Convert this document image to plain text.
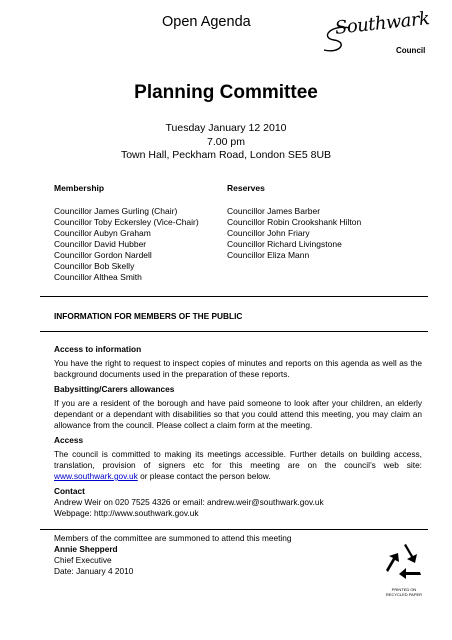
Open Agenda	Southwark
Council
Planning Committee
Tuesday January 12 2010
7.00 pm
Town Hall, Peckham Road, London SE5 8UB
Membership	Reserves
Councillor James Gurling (Chair)
Councillor Toby Eckersley (Vice-Chair)
Councillor Aubyn Graham
Councillor David Hubber
Councillor Gordon Nardell
Councillor Bob Skelly
Councillor Althea Smith
Councillor James Barber
Councillor Robin Crookshank Hilton
Councillor John Friary
Councillor Richard Livingstone
Councillor Eliza Mann
INFORMATION FOR MEMBERS OF THE PUBLIC
Access to information
You have the right to request to inspect copies of minutes and reports on this agenda as well as the background documents used in the preparation of these reports.
Babysitting/Carers allowances
If you are a resident of the borough and have paid someone to look after your children, an elderly dependant or a dependant with disabilities so that you could attend this meeting, you may claim an allowance from the council. Please collect a claim form at the meeting.
Access
The council is committed to making its meetings accessible. Further details on building access, translation, provision of signers etc for this meeting are on the council’s web site: www.southwark.gov.uk or please contact the person below.
Contact
Andrew Weir on 020 7525 4326 or email: andrew.weir@southwark.gov.uk
Webpage: http://www.southwark.gov.uk
Members of the committee are summoned to attend this meeting
Annie Shepperd
Chief Executive
Date: January 4 2010
PRINTED ON RECYCLED PAPER
